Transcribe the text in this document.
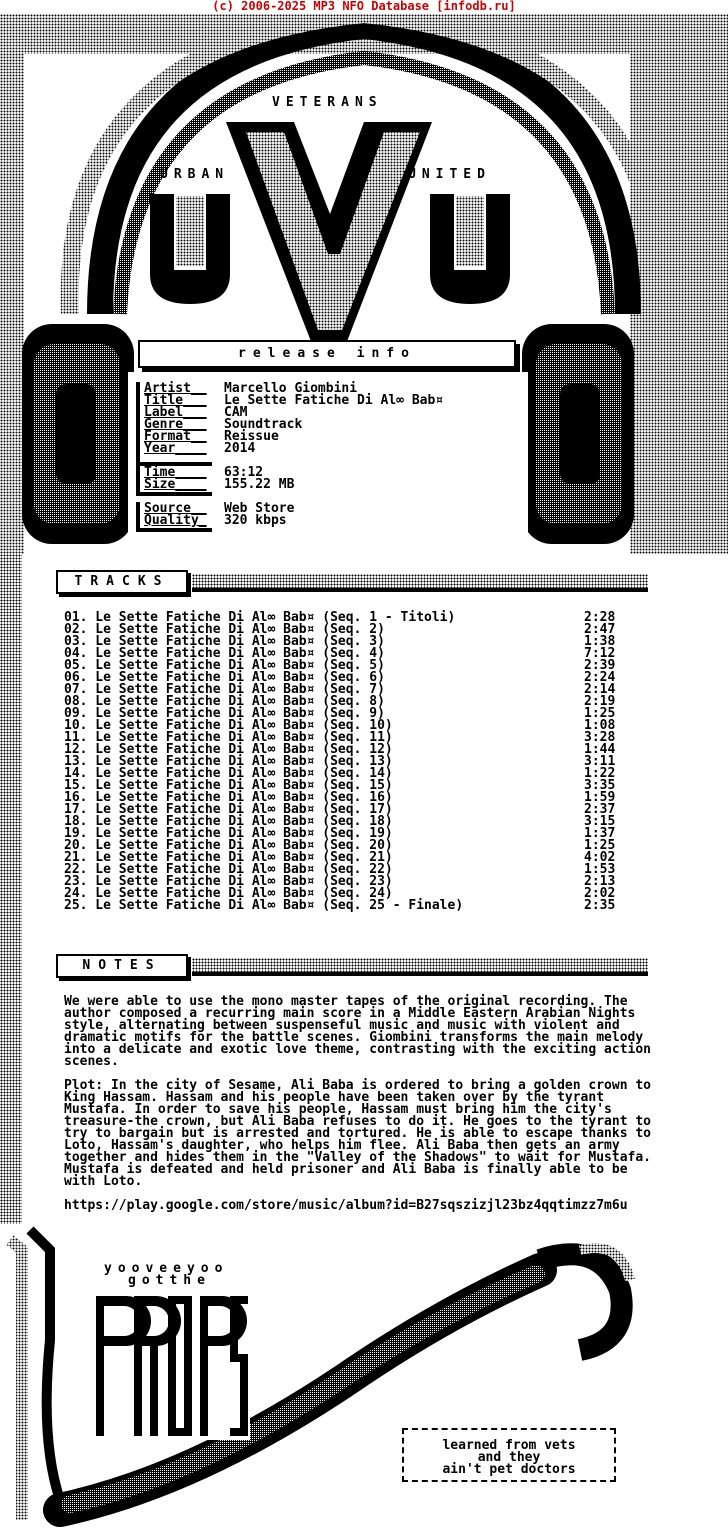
(c) 2006-2025 MP3 NFO Database [infodb.ru]
VETERANS
URBAN	UNITED
release info
Artist__ Marcello Giombini
Title___ Le Sette Fatiche Di Al∞ Bab¤
Label___ CAM
Genre___ Soundtrack
Format__ Reissue
Year____ 2014
Time____ 63:12
Size____ 155.22 MB
Source__ Web Store
Quality_ 320 kbps
TRACKS
01. Le Sette Fatiche Di Al∞ Bab¤ (Seq. 1 - Titoli)	2:28
02. Le Sette Fatiche Di Al∞ Bab¤ (Seq. 2)	2:47
03. Le Sette Fatiche Di Al∞ Bab¤ (Seq. 3)	1:38
04. Le Sette Fatiche Di Al∞ Bab¤ (Seq. 4)	7:12
05. Le Sette Fatiche Di Al∞ Bab¤ (Seq. 5)	2:39
06. Le Sette Fatiche Di Al∞ Bab¤ (Seq. 6)	2:24
07. Le Sette Fatiche Di Al∞ Bab¤ (Seq. 7)	2:14
08. Le Sette Fatiche Di Al∞ Bab¤ (Seq. 8)	2:19
09. Le Sette Fatiche Di Al∞ Bab¤ (Seq. 9)	1:25
10. Le Sette Fatiche Di Al∞ Bab¤ (Seq. 10)	1:08
11. Le Sette Fatiche Di Al∞ Bab¤ (Seq. 11)	3:28
12. Le Sette Fatiche Di Al∞ Bab¤ (Seq. 12)	1:44
13. Le Sette Fatiche Di Al∞ Bab¤ (Seq. 13)	3:11
14. Le Sette Fatiche Di Al∞ Bab¤ (Seq. 14)	1:22
15. Le Sette Fatiche Di Al∞ Bab¤ (Seq. 15)	3:35
16. Le Sette Fatiche Di Al∞ Bab¤ (Seq. 16)	1:59
17. Le Sette Fatiche Di Al∞ Bab¤ (Seq. 17)	2:37
18. Le Sette Fatiche Di Al∞ Bab¤ (Seq. 18)	3:15
19. Le Sette Fatiche Di Al∞ Bab¤ (Seq. 19)	1:37
20. Le Sette Fatiche Di Al∞ Bab¤ (Seq. 20)	1:25
21. Le Sette Fatiche Di Al∞ Bab¤ (Seq. 21)	4:02
22. Le Sette Fatiche Di Al∞ Bab¤ (Seq. 22)	1:53
23. Le Sette Fatiche Di Al∞ Bab¤ (Seq. 23)	2:13
24. Le Sette Fatiche Di Al∞ Bab¤ (Seq. 24)	2:02
25. Le Sette Fatiche Di Al∞ Bab¤ (Seq. 25 - Finale)	2:35
NOTES

We were able to use the mono master tapes of the original recording. The author composed a recurring main score in a Middle Eastern Arabian Nights style, alternating between suspenseful music and music with violent and dramatic motifs for the battle scenes. Giombini transforms the main melody into a delicate and exotic love theme, contrasting with the exciting action scenes.

Plot: In the city of Sesame, Ali Baba is ordered to bring a golden crown to King Hassam. Hassam and his people have been taken over by the tyrant Mustafa. In order to save his people, Hassam must bring him the city's treasure-the crown, but Ali Baba refuses to do it. He goes to the tyrant to try to bargain but is arrested and tortured. He is able to escape thanks to Loto, Hassam's daughter, who helps him flee. Ali Baba then gets an army together and hides them in the "Valley of the Shadows" to wait for Mustafa. Mustafa is defeated and held prisoner and Ali Baba is finally able to be with Loto.

https://play.google.com/store/music/album?id=B27sqszizjl23bz4qqtimzz7m6u

yooveeyoo
gotthe
learned from vets
and they
ain't pet doctors
